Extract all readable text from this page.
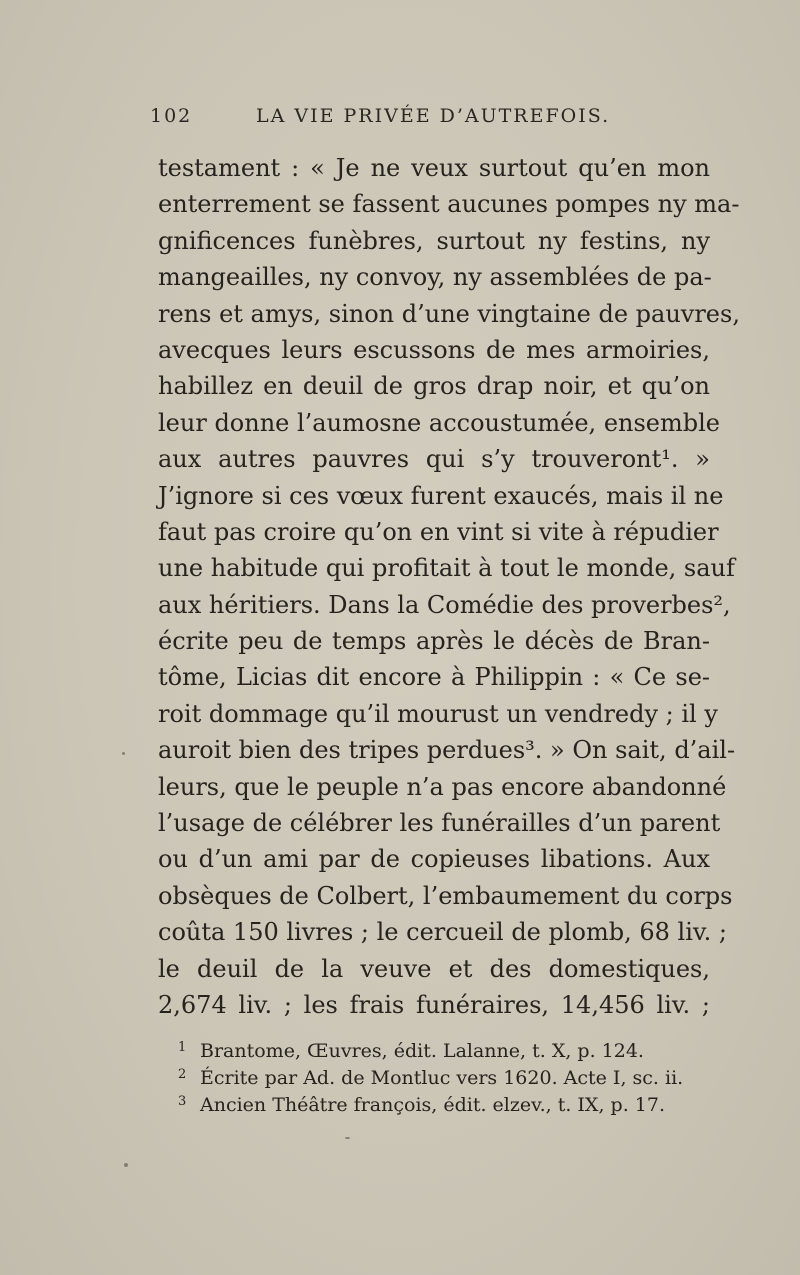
102	LA VIE PRIVÉE D’AUTREFOIS.
testament : « Je ne veux surtout qu’en mon
enterrement se fassent aucunes pompes ny ma-
gnificences funèbres, surtout ny festins, ny
mangeailles, ny convoy, ny assemblées de pa-
rens et amys, sinon d’une vingtaine de pauvres,
avecques leurs escussons de mes armoiries,
habillez en deuil de gros drap noir, et qu’on
leur donne l’aumosne accoustumée, ensemble
aux autres pauvres qui s’y trouveront¹. »
J’ignore si ces vœux furent exaucés, mais il ne
faut pas croire qu’on en vint si vite à répudier
une habitude qui profitait à tout le monde, sauf
aux héritiers. Dans la Comédie des proverbes²,
écrite peu de temps après le décès de Bran-
tôme, Licias dit encore à Philippin : « Ce se-
roit dommage qu’il mourust un vendredy ; il y
auroit bien des tripes perdues³. » On sait, d’ail-
leurs, que le peuple n’a pas encore abandonné
l’usage de célébrer les funérailles d’un parent
ou d’un ami par de copieuses libations. Aux
obsèques de Colbert, l’embaumement du corps
coûta 150 livres ; le cercueil de plomb, 68 liv. ;
le deuil de la veuve et des domestiques,
2,674 liv. ; les frais funéraires, 14,456 liv. ;
1 Brantome, Œuvres, édit. Lalanne, t. X, p. 124.
2 Écrite par Ad. de Montluc vers 1620. Acte I, sc. ii.
3 Ancien Théâtre françois, édit. elzev., t. IX, p. 17.
